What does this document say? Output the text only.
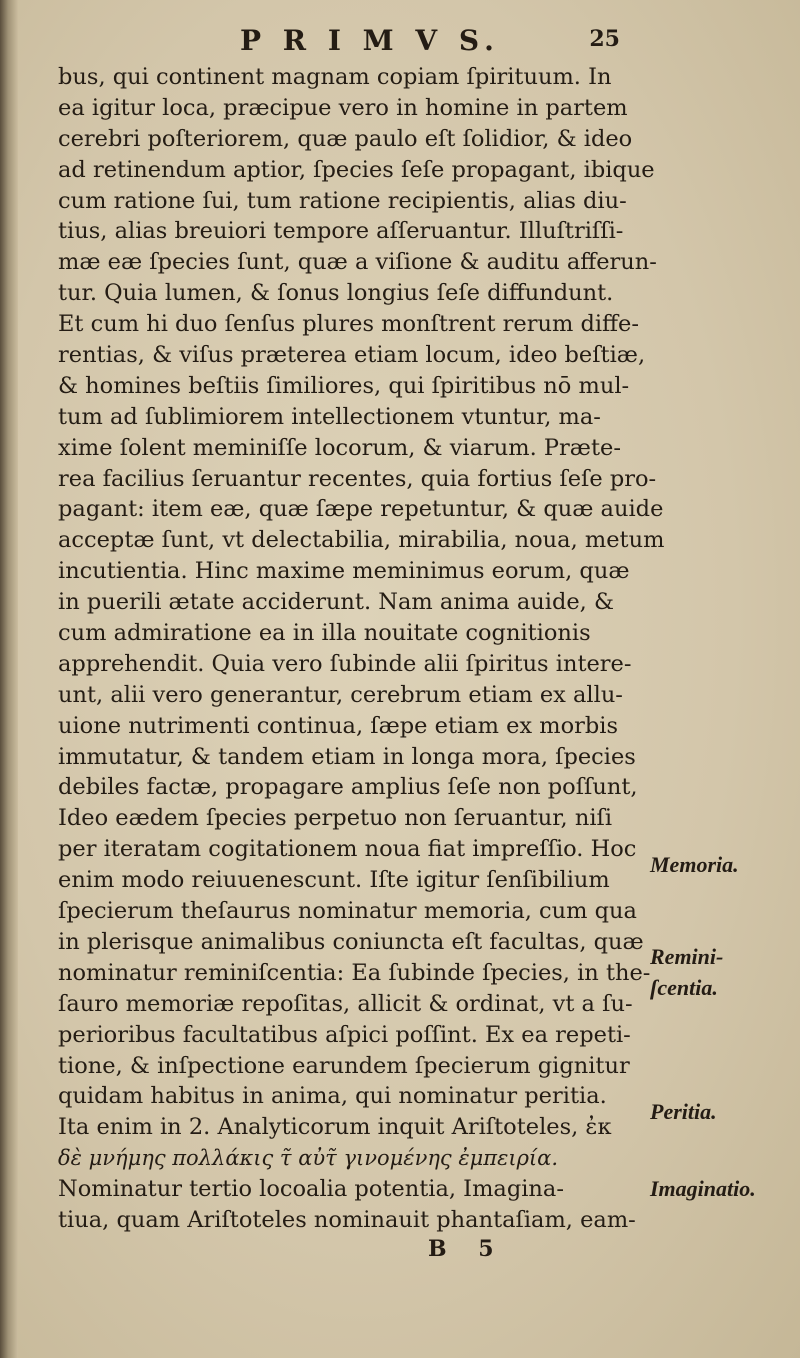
P R I M V S.	25
bus, qui continent magnam copiam ſpirituum. In
ea igitur loca, præcipue vero in homine in partem
cerebri poſteriorem, quæ paulo eſt ſolidior, & ideo
ad retinendum aptior, ſpecies ſeſe propagant, ibique
cum ratione ſui, tum ratione recipientis, alias diu-
tius, alias breuiori tempore aſſeruantur. Illuſtriſſi-
mæ eæ ſpecies ſunt, quæ a viſione & auditu afferun-
tur. Quia lumen, & ſonus longius ſeſe diffundunt.
Et cum hi duo ſenſus plures monſtrent rerum diffe-
rentias, & viſus præterea etiam locum, ideo beſtiæ,
& homines beſtiis ſimiliores, qui ſpiritibus nō mul-
tum ad ſublimiorem intellectionem vtuntur, ma-
xime ſolent meminiſſe locorum, & viarum. Præte-
rea facilius ſeruantur recentes, quia fortius ſeſe pro-
pagant: item eæ, quæ ſæpe repetuntur, & quæ auide
acceptæ ſunt, vt delectabilia, mirabilia, noua, metum
incutientia. Hinc maxime meminimus eorum, quæ
in puerili ætate acciderunt. Nam anima auide, &
cum admiratione ea in illa nouitate cognitionis
apprehendit. Quia vero ſubinde alii ſpiritus intere-
unt, alii vero generantur, cerebrum etiam ex allu-
uione nutrimenti continua, ſæpe etiam ex morbis
immutatur, & tandem etiam in longa mora, ſpecies
debiles factæ, propagare amplius ſeſe non poſſunt,
Ideo eædem ſpecies perpetuo non ſeruantur, niſi
per iteratam cogitationem noua fiat impreſſio. Hoc
enim modo reiuuenescunt. Iſte igitur ſenſibilium
ſpecierum theſaurus nominatur memoria, cum qua
in plerisque animalibus coniuncta eſt facultas, quæ
nominatur reminiſcentia: Ea ſubinde ſpecies, in the-
ſauro memoriæ repoſitas, allicit & ordinat, vt a ſu-
perioribus facultatibus aſpici poſſint. Ex ea repeti-
tione, & inſpectione earundem ſpecierum gignitur
quidam habitus in anima, qui nominatur peritia.
Ita enim in 2. Analyticorum inquit Ariſtoteles, ἐκ
δὲ μνήμης πολλάκις τ̃ αὐτ̃ γινομένης ἐμπειρία.
Nominatur tertio locoalia potentia, Imagina-
tiua, quam Ariſtoteles nominauit phantaſiam, eam-
Memoria.
Remini-
ſcentia.
Peritia.
Imaginatio.
B 5
